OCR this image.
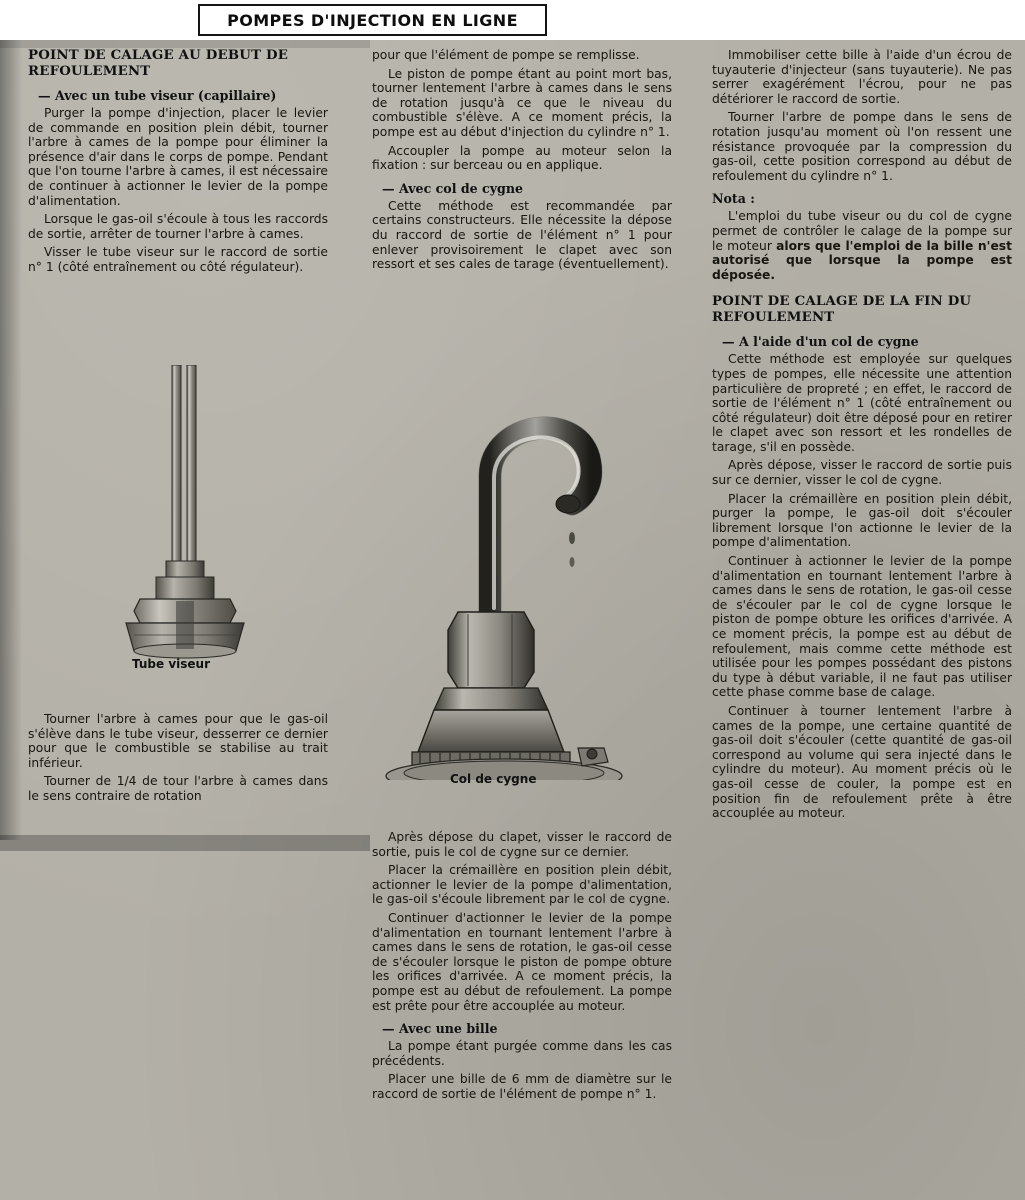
POMPES D'INJECTION EN LIGNE
POINT DE CALAGE AU DEBUT DE REFOULEMENT
— Avec un tube viseur (capillaire)

Purger la pompe d'injection, placer le levier de commande en position plein débit, tourner l'arbre à cames de la pompe pour éliminer la présence d'air dans le corps de pompe. Pendant que l'on tourne l'arbre à cames, il est nécessaire de continuer à actionner le levier de la pompe d'alimentation.

Lorsque le gas-oil s'écoule à tous les raccords de sortie, arrêter de tourner l'arbre à cames.

Visser le tube viseur sur le raccord de sortie n° 1 (côté entraînement ou côté régulateur).

Tube viseur

Tourner l'arbre à cames pour que le gas-oil s'élève dans le tube viseur, desserrer ce dernier pour que le combustible se stabilise au trait inférieur.

Tourner de 1/4 de tour l'arbre à cames dans le sens contraire de rotation

pour que l'élément de pompe se remplisse.

Le piston de pompe étant au point mort bas, tourner lentement l'arbre à cames dans le sens de rotation jusqu'à ce que le niveau du combustible s'élève. A ce moment précis, la pompe est au début d'injection du cylindre n° 1.

Accoupler la pompe au moteur selon la fixation : sur berceau ou en applique.

— Avec col de cygne

Cette méthode est recommandée par certains constructeurs. Elle nécessite la dépose du raccord de sortie de l'élément n° 1 pour enlever provisoirement le clapet avec son ressort et ses cales de tarage (éventuellement).

Col de cygne

Après dépose du clapet, visser le raccord de sortie, puis le col de cygne sur ce dernier.

Placer la crémaillère en position plein débit, actionner le levier de la pompe d'alimentation, le gas-oil s'écoule librement par le col de cygne.

Continuer d'actionner le levier de la pompe d'alimentation en tournant lentement l'arbre à cames dans le sens de rotation, le gas-oil cesse de s'écouler lorsque le piston de pompe obture les orifices d'arrivée. A ce moment précis, la pompe est au début de refoulement. La pompe est prête pour être accouplée au moteur.

— Avec une bille

La pompe étant purgée comme dans les cas précédents.

Placer une bille de 6 mm de diamètre sur le raccord de sortie de l'élément de pompe n° 1.

Immobiliser cette bille à l'aide d'un écrou de tuyauterie d'injecteur (sans tuyauterie). Ne pas serrer exagérément l'écrou, pour ne pas détériorer le raccord de sortie.

Tourner l'arbre de pompe dans le sens de rotation jusqu'au moment où l'on ressent une résistance provoquée par la compression du gas-oil, cette position correspond au début de refoulement du cylindre n° 1.

Nota :

L'emploi du tube viseur ou du col de cygne permet de contrôler le calage de la pompe sur le moteur alors que l'emploi de la bille n'est autorisé que lorsque la pompe est déposée.

POINT DE CALAGE DE LA FIN DU REFOULEMENT
— A l'aide d'un col de cygne

Cette méthode est employée sur quelques types de pompes, elle nécessite une attention particulière de propreté ; en effet, le raccord de sortie de l'élément n° 1 (côté entraînement ou côté régulateur) doit être déposé pour en retirer le clapet avec son ressort et les rondelles de tarage, s'il en possède.

Après dépose, visser le raccord de sortie puis sur ce dernier, visser le col de cygne.

Placer la crémaillère en position plein débit, purger la pompe, le gas-oil doit s'écouler librement lorsque l'on actionne le levier de la pompe d'alimentation.

Continuer à actionner le levier de la pompe d'alimentation en tournant lentement l'arbre à cames dans le sens de rotation, le gas-oil cesse de s'écouler par le col de cygne lorsque le piston de pompe obture les orifices d'arrivée. A ce moment précis, la pompe est au début de refoulement, mais comme cette méthode est utilisée pour les pompes possédant des pistons du type à début variable, il ne faut pas utiliser cette phase comme base de calage.

Continuer à tourner lentement l'arbre à cames de la pompe, une certaine quantité de gas-oil doit s'écouler (cette quantité de gas-oil correspond au volume qui sera injecté dans le cylindre du moteur). Au moment précis où le gas-oil cesse de couler, la pompe est en position fin de refoulement prête à être accouplée au moteur.
